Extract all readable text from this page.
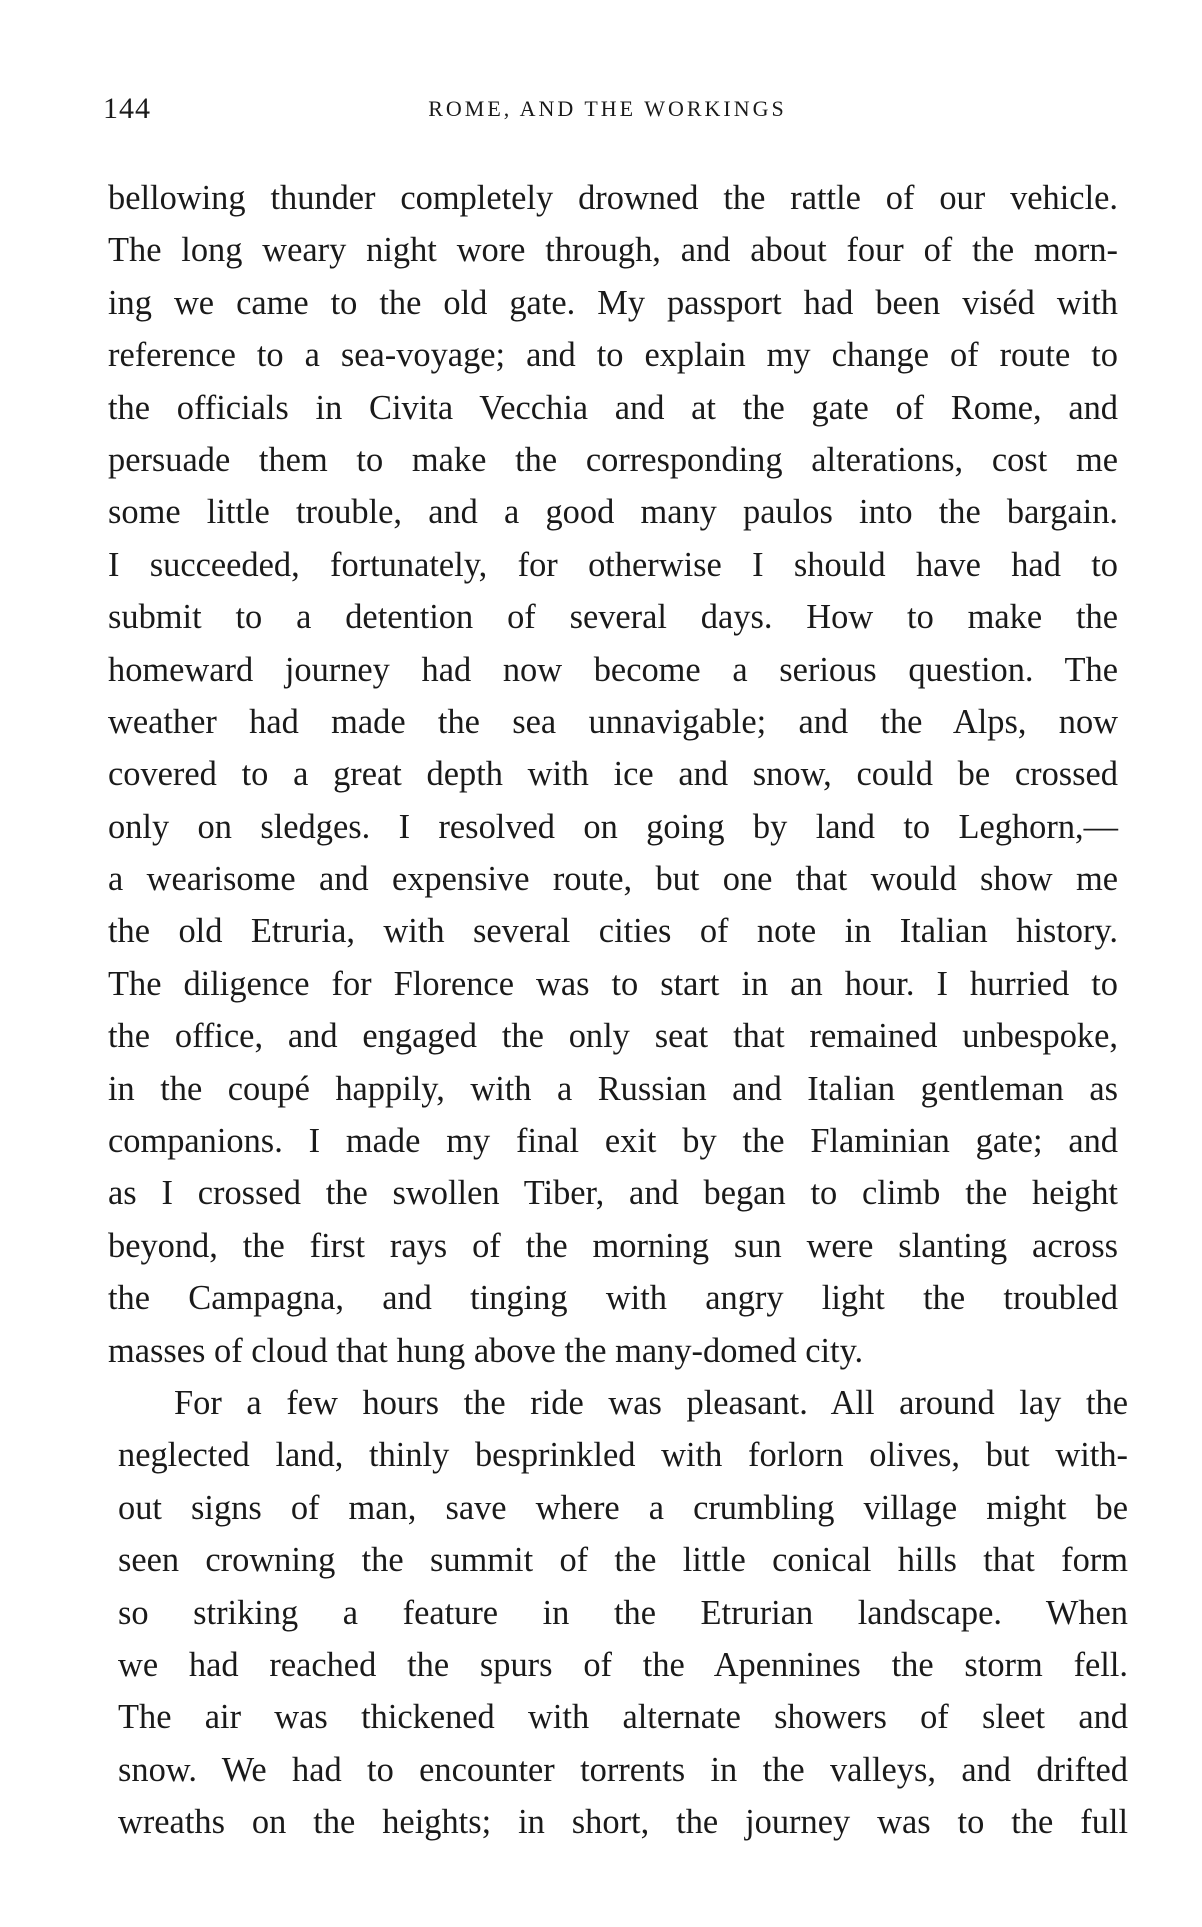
144	ROME, AND THE WORKINGS
bellowing thunder completely drowned the rattle of our vehicle.
The long weary night wore through, and about four of the morn-
ing we came to the old gate. My passport had been viséd with
reference to a sea-voyage; and to explain my change of route to
the officials in Civita Vecchia and at the gate of Rome, and
persuade them to make the corresponding alterations, cost me
some little trouble, and a good many paulos into the bargain.
I succeeded, fortunately, for otherwise I should have had to
submit to a detention of several days. How to make the
homeward journey had now become a serious question. The
weather had made the sea unnavigable; and the Alps, now
covered to a great depth with ice and snow, could be crossed
only on sledges. I resolved on going by land to Leghorn,—
a wearisome and expensive route, but one that would show me
the old Etruria, with several cities of note in Italian history.
The diligence for Florence was to start in an hour. I hurried to
the office, and engaged the only seat that remained unbespoke,
in the coupé happily, with a Russian and Italian gentleman as
companions. I made my final exit by the Flaminian gate; and
as I crossed the swollen Tiber, and began to climb the height
beyond, the first rays of the morning sun were slanting across
the Campagna, and tinging with angry light the troubled
masses of cloud that hung above the many-domed city.
For a few hours the ride was pleasant. All around lay the
neglected land, thinly besprinkled with forlorn olives, but with-
out signs of man, save where a crumbling village might be
seen crowning the summit of the little conical hills that form
so striking a feature in the Etrurian landscape. When
we had reached the spurs of the Apennines the storm fell.
The air was thickened with alternate showers of sleet and
snow. We had to encounter torrents in the valleys, and drifted
wreaths on the heights; in short, the journey was to the full
